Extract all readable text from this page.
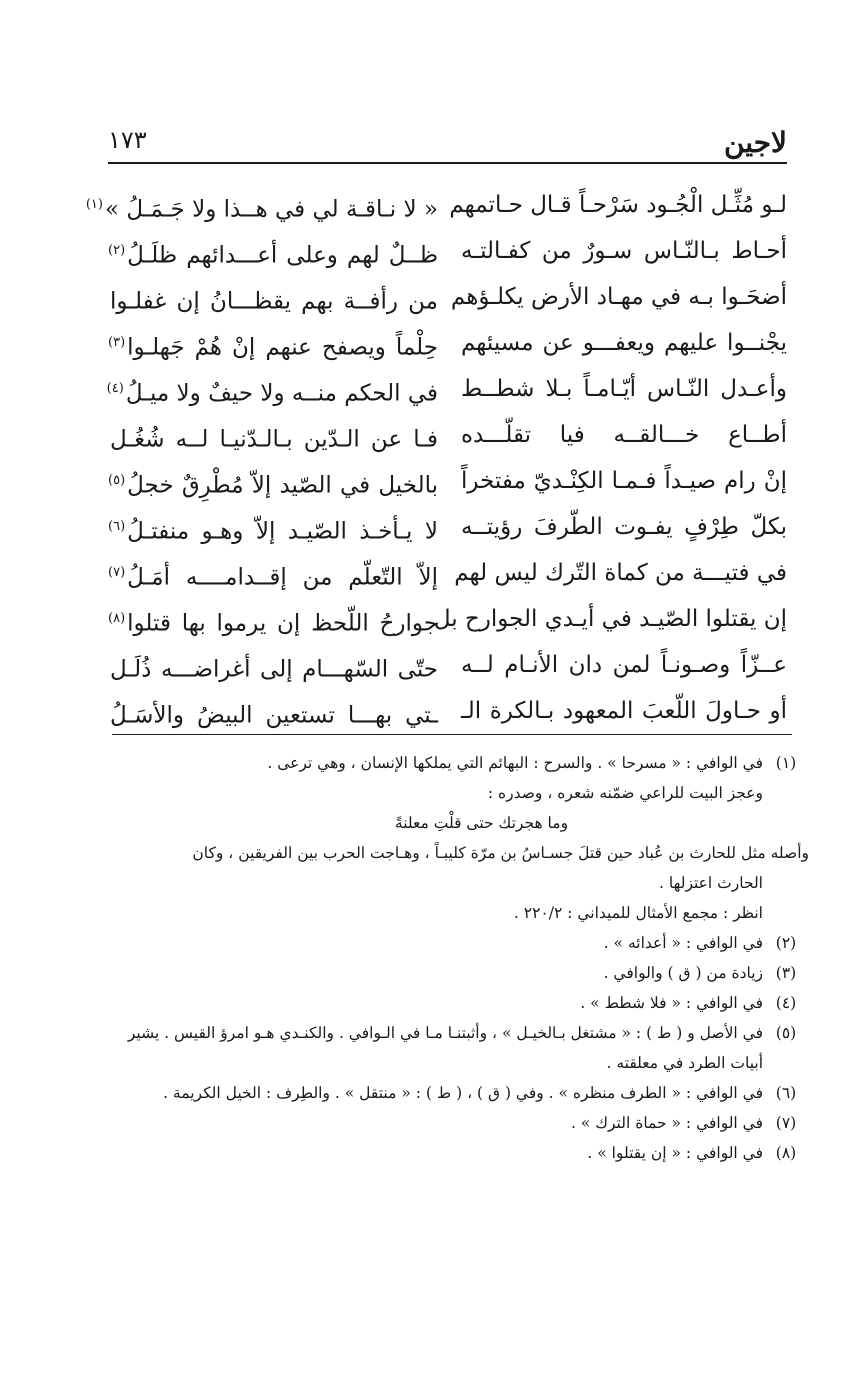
لاجين
١٧٣
لـو مُثِّـل الْجُـود سَرْحـاً قـال حـاتمهم
« لا نـاقـة لي في هــذا ولا جَـمَـلُ »$^{(١)}$
أحـاط بـالنّـاس سـورٌ من كفـالتـه
ظــلٌ لهم وعلى أعـــدائهم ظلَـلُ$^{(٢)}$
أضحَـوا بـه في مهـاد الأرض يكلـؤهم
من رأفــة بهم يقظـــانُ إن غفلـوا
يجْنــوا عليهم ويعفـــو عن مسيئهم
حِلْماً ويصفح عنهم إنْ هُمْ جَهلـوا$^{(٣)}$
وأعـدل النّـاس أيّـامـاً بـلا شطــط
في الحكم منــه ولا حيفٌ ولا ميـلُ$^{(٤)}$
أطــاع خـــالقــه فيا تقلّـــده
فـا عن الـدّين بـالـدّنيـا لــه شُغُـل
إنْ رام صيـداً فـمـا الكِنْـديّ مفتخراً
بالخيل في الصّيد إلاّ مُطْرِقٌ خجلُ$^{(٥)}$
بكلّ طِرْفٍ يفـوت الطّرفَ رؤيتــه
لا يـأخـذ الصّيـد إلاّ وهـو منفتـلُ$^{(٦)}$
في فتيـــة من كماة التّرك ليس لهم
إلاّ التّعلّم من إقــدامــــه أمَـلُ$^{(٧)}$
إن يقتلوا الصّيـد في أيـدي الجوارح بل
جوارحُ اللّحظ إن يرموا بها قتلوا$^{(٨)}$
عــزّاً وصـونـاً لمن دان الأنـام لــه
حتّى السّهـــام إلى أغراضـــه ذُلَـل
أو حـاولَ اللّعبَ المعهود بـالكرة الـ
ـتي بهـــا تستعين البيضُ والأسَـلُ
(١)
في الوافي : « مسرحا » . والسرح : البهائم التي يملكها الإنسان ، وهي ترعى .
وعجز البيت للراعي ضمّنه شعره ، وصدره :
وما هجرتك حتى قلْتِ معلنةً
وأصله مثل للحارث بن عُباد حين قتلَ جسـاسُ بن مرّة كليبـاً ، وهـاجت الحرب بين الفريقين ، وكان
الحارث اعتزلها .
انظر : مجمع الأمثال للميداني : ٢٢٠/٢ .
(٢)
في الوافي : « أعدائه » .
(٣)
زيادة من ( ق ) والوافي .
(٤)
في الوافي : « فلا شطط » .
(٥)
في الأصل و ( ط ) : « مشتغل بـالخيـل » ، وأثبتنـا مـا في الـوافي . والكنـدي هـو امرؤ القيس . يشير
أبيات الطرد في معلقته .
(٦)
في الوافي : « الطرف منظره » . وفي ( ق ) ، ( ط ) : « منتقل » . والطِرف : الخيل الكريمة .
(٧)
في الوافي : « حماة الترك » .
(٨)
في الوافي : « إن يقتلوا » .
